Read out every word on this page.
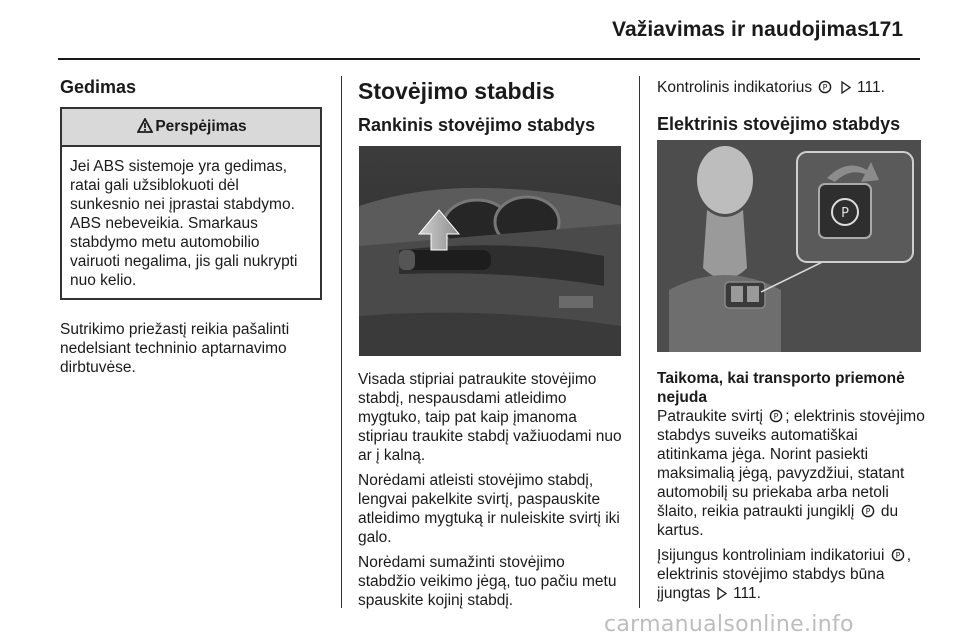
Važiavimas ir naudojimas 171
Gedimas
Perspėjimas
Jei ABS sistemoje yra gedimas, ratai gali užsiblokuoti dėl sunkesnio nei įprastai stabdymo. ABS nebeveikia. Smarkaus stabdymo metu automobilio vairuoti negalima, jis gali nukrypti nuo kelio.

Sutrikimo priežastį reikia pašalinti nedelsiant techninio aptarnavimo dirbtuvėse.

Stovėjimo stabdis
Rankinis stovėjimo stabdys

Visada stipriai patraukite stovėjimo stabdį, nespausdami atleidimo mygtuko, taip pat kaip įmanoma stipriau traukite stabdį važiuodami nuo ar į kalną.

Norėdami atleisti stovėjimo stabdį, lengvai pakelkite svirtį, paspauskite atleidimo mygtuką ir nuleiskite svirtį iki galo.

Norėdami sumažinti stovėjimo stabdžio veikimo jėgą, tuo pačiu metu spauskite kojinį stabdį.

Kontrolinis indikatorius P 111.

Elektrinis stovėjimo stabdys
P

Taikoma, kai transporto priemonė nejuda

Patraukite svirtį P ; elektrinis stovėjimo stabdys suveiks automatiškai atitinkama jėga. Norint pasiekti maksimalią jėgą, pavyzdžiui, statant automobilį su priekaba arba netoli šlaito, reikia patraukti jungiklį P du kartus.

Įsijungus kontroliniam indikatoriui P , elektrinis stovėjimo stabdys būna įjungtas 111.

carmanualsonline.info
